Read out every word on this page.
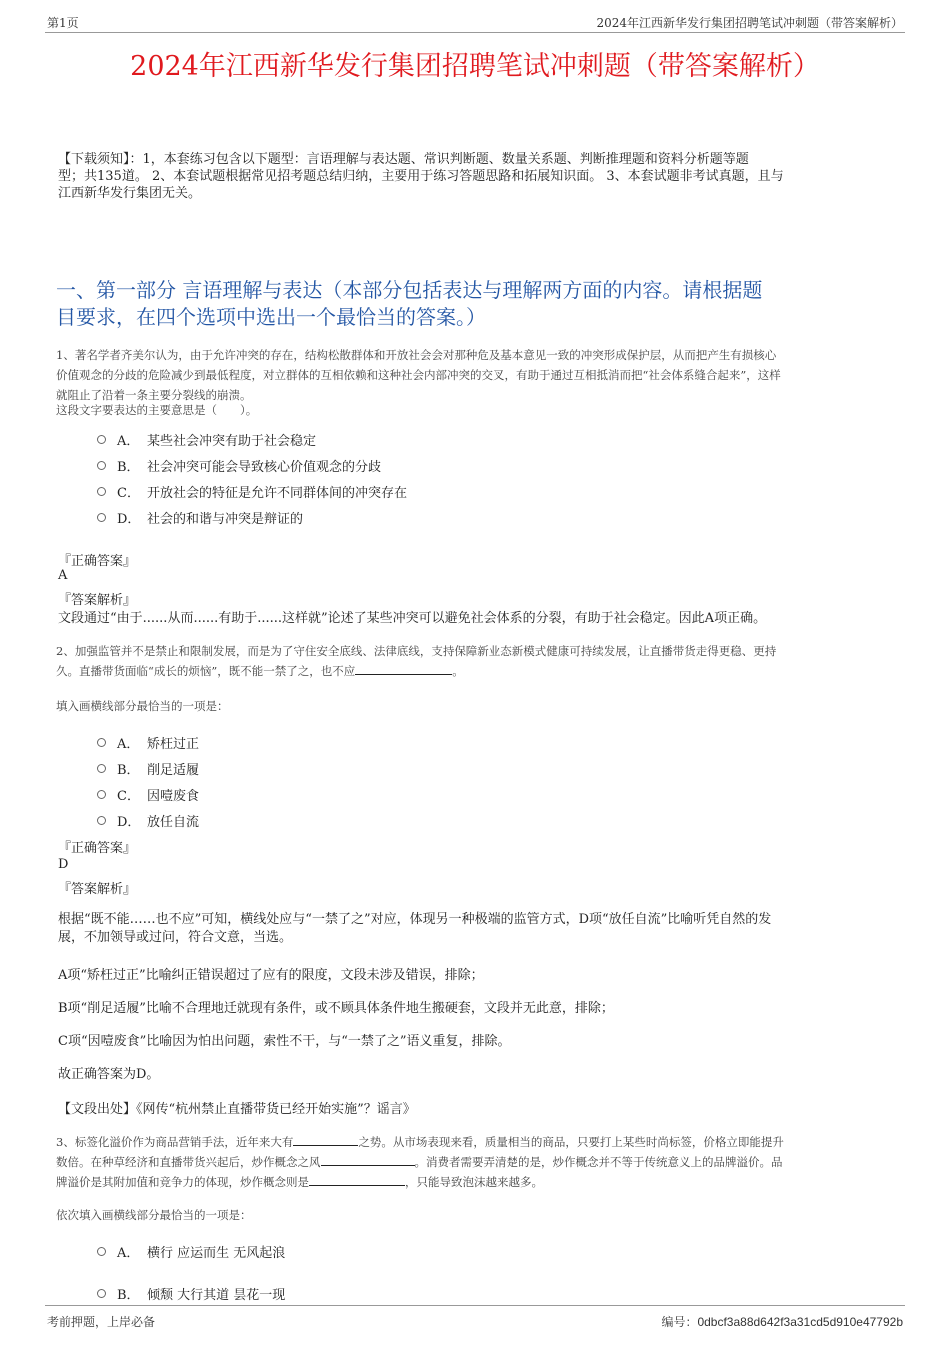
第1页	2024年江西新华发行集团招聘笔试冲刺题（带答案解析）
2024年江西新华发行集团招聘笔试冲刺题（带答案解析）
【下载须知】：1，本套练习包含以下题型：言语理解与表达题、常识判断题、数量关系题、判断推理题和资料分析题等题
型；共135道。 2、本套试题根据常见招考题总结归纳，主要用于练习答题思路和拓展知识面。 3、本套试题非考试真题，且与
江西新华发行集团无关。
一、第一部分 言语理解与表达（本部分包括表达与理解两方面的内容。请根据题
目要求，在四个选项中选出一个最恰当的答案。）
1、著名学者齐美尔认为，由于允许冲突的存在，结构松散群体和开放社会会对那种危及基本意见一致的冲突形成保护层，从而把产生有损核心
价值观念的分歧的危险减少到最低程度，对立群体的互相依赖和这种社会内部冲突的交叉，有助于通过互相抵消而把“社会体系缝合起来”，这样
就阻止了沿着一条主要分裂线的崩溃。
这段文字要表达的主要意思是（　　）。
A． 某些社会冲突有助于社会稳定
B． 社会冲突可能会导致核心价值观念的分歧
C． 开放社会的特征是允许不同群体间的冲突存在
D． 社会的和谐与冲突是辩证的
『正确答案』
A
『答案解析』
文段通过“由于......从而......有助于......这样就”论述了某些冲突可以避免社会体系的分裂，有助于社会稳定。因此A项正确。
2、加强监管并不是禁止和限制发展，而是为了守住安全底线、法律底线，支持保障新业态新模式健康可持续发展，让直播带货走得更稳、更持
久。直播带货面临“成长的烦恼”，既不能一禁了之，也不应	。
填入画横线部分最恰当的一项是：
A． 矫枉过正
B． 削足适履
C． 因噎废食
D． 放任自流
『正确答案』
D
『答案解析』
根据“既不能……也不应”可知，横线处应与“一禁了之”对应，体现另一种极端的监管方式，D项“放任自流”比喻听凭自然的发
展，不加领导或过问，符合文意，当选。
A项“矫枉过正”比喻纠正错误超过了应有的限度，文段未涉及错误，排除；
B项“削足适履”比喻不合理地迁就现有条件，或不顾具体条件地生搬硬套，文段并无此意，排除；
C项“因噎废食”比喻因为怕出问题，索性不干，与“一禁了之”语义重复，排除。
故正确答案为D。
【文段出处】《网传“杭州禁止直播带货已经开始实施”？谣言》
3、标签化溢价作为商品营销手法，近年来大有	之势。从市场表现来看，质量相当的商品，只要打上某些时尚标签，价格立即能提升
数倍。在种草经济和直播带货兴起后，炒作概念之风	。消费者需要弄清楚的是，炒作概念并不等于传统意义上的品牌溢价。品
牌溢价是其附加值和竞争力的体现，炒作概念则是	，只能导致泡沫越来越多。
依次填入画横线部分最恰当的一项是：
A． 横行 应运而生 无风起浪
B． 倾颓 大行其道 昙花一现
考前押题，上岸必备	编号：0dbcf3a88d642f3a31cd5d910e47792b
